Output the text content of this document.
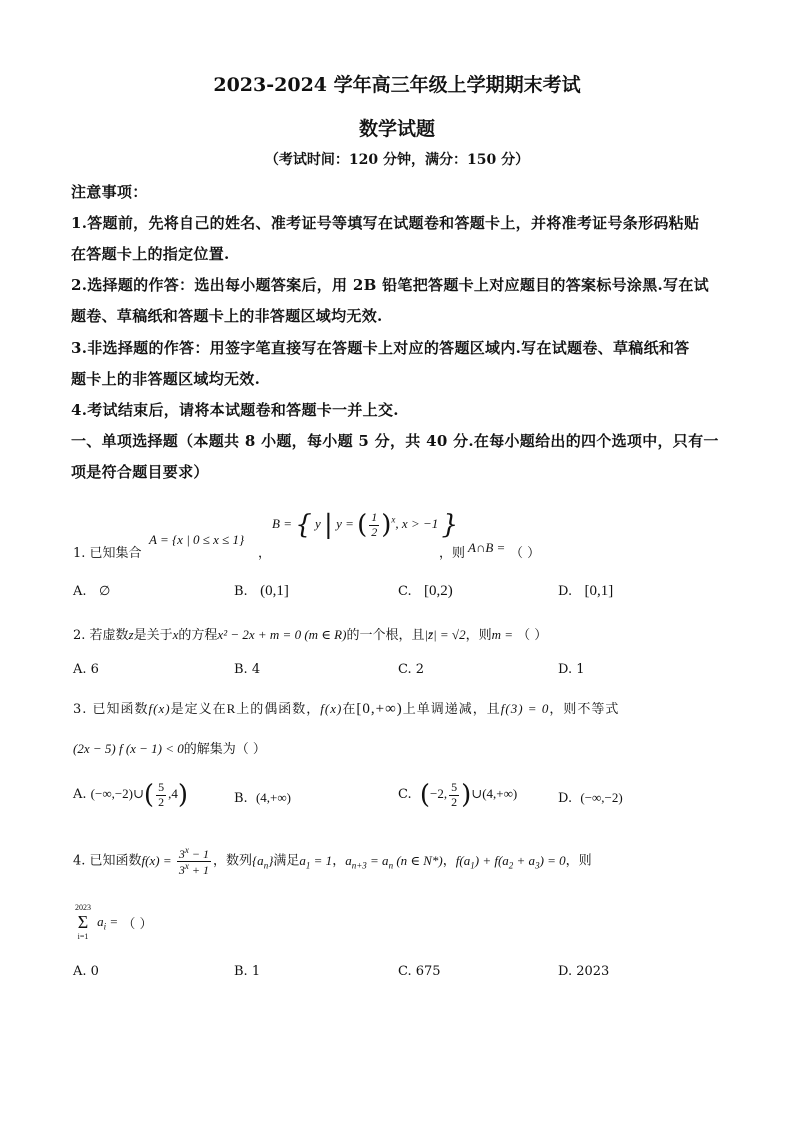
2023-2024 学年高三年级上学期期末考试
数学试题
（考试时间：120 分钟，满分：150 分）
注意事项：
1.答题前，先将自己的姓名、准考证号等填写在试题卷和答题卡上，并将准考证号条形码粘贴
在答题卡上的指定位置.
2.选择题的作答：选出每小题答案后，用 2B 铅笔把答题卡上对应题目的答案标号涂黑.写在试
题卷、草稿纸和答题卡上的非答题区域均无效.
3.非选择题的作答：用签字笔直接写在答题卡上对应的答题区域内.写在试题卷、草稿纸和答
题卡上的非答题区域均无效.
4.考试结束后，请将本试题卷和答题卡一并上交.
一、单项选择题（本题共 8 小题，每小题 5 分，共 40 分.在每小题给出的四个选项中，只有一
项是符合题目要求）
1. 已知集合
A = {x | 0 ≤ x ≤ 1}
，
B = { y | y = ( $\frac{1}{2} )^x$, x > −1 }
，则 A∩B = （ ）
A. ∅	B. (0,1]	C. [0,2)	D. [0,1]
2. 若虚数z是关于x的方程x² − 2x + m = 0 (m ∈ R)的一个根，且|z̄| = √2，则m = （ ）
A. 6	B. 4	C. 2	D. 1
3. 已知函数f(x)是定义在R上的偶函数，f(x)在[0,+∞)上单调递减，且f(3) = 0，则不等式
(2x − 5) f (x − 1) < 0的解集为（ ）
A. (−∞,−2)∪( $\frac{5}{2} ,4$)	B. (4,+∞)	C. (−2, $\frac{5}{2}$ )∪(4,+∞)	D. (−∞,−2)
4. 已知函数$f(x) = \frac{3^x - 1}{3^x + 1}$ ，数列$\{a_n\}$满足$a_1 = 1$，$a_{n+3} = a_n$ (n ∈ N*)，$f(a_1) + f(a_2 + a_3) = 0$，则
2023
Σ
i=1
$a_i$ = （ ）
A. 0	B. 1	C. 675	D. 2023
